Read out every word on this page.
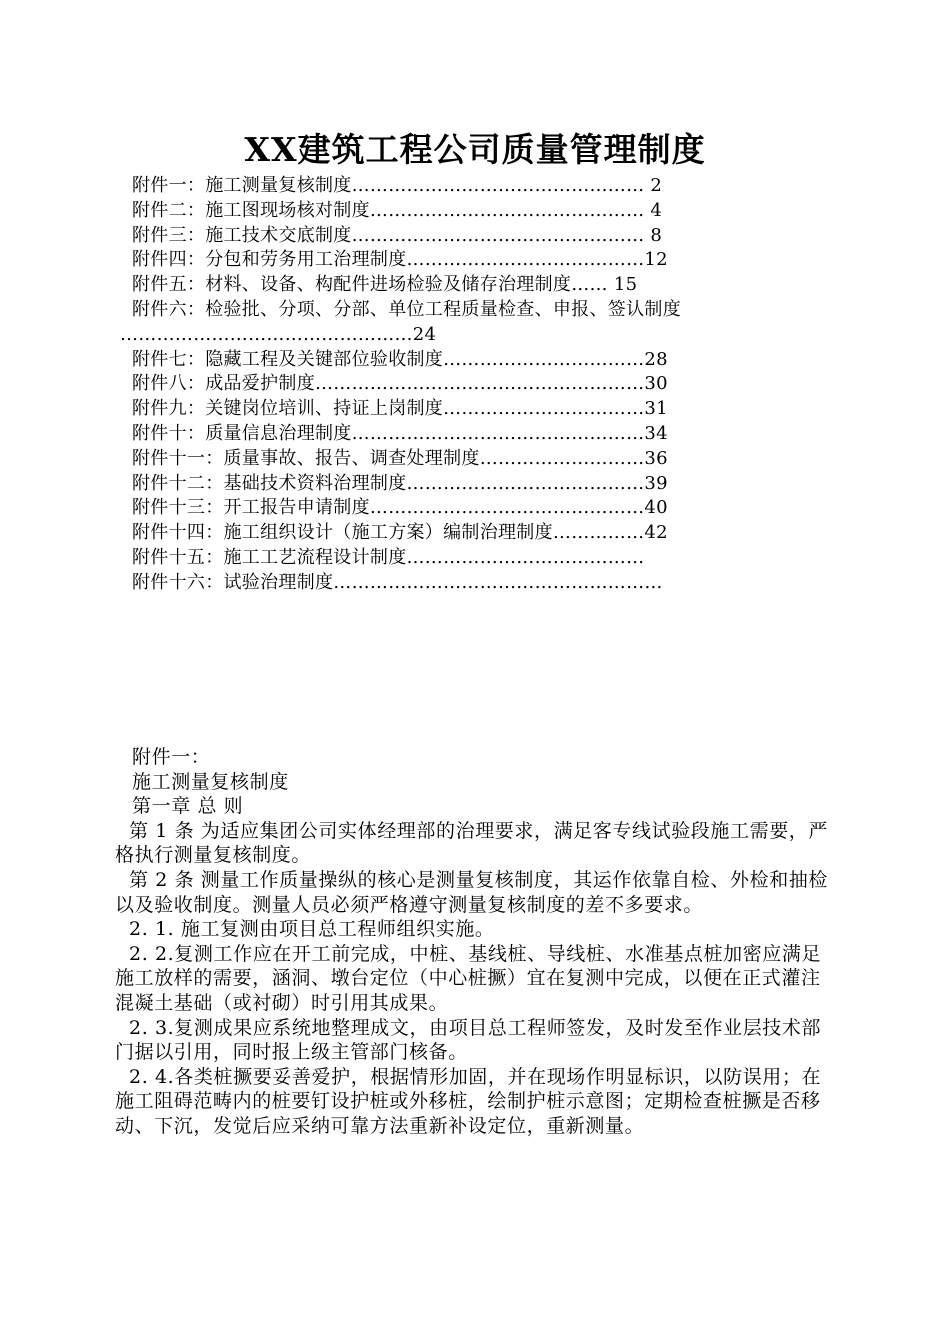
XX建筑工程公司质量管理制度
附件一：施工测量复核制度………………………………………… 2
附件二：施工图现场核对制度……………………………………… 4
附件三：施工技术交底制度………………………………………… 8
附件四：分包和劳务用工治理制度…………………………………12
附件五：材料、设备、构配件进场检验及储存治理制度…… 15
附件六：检验批、分项、分部、单位工程质量检查、申报、签认制度
…………………………………………24
附件七：隐藏工程及关键部位验收制度……………………………28
附件八：成品爱护制度………………………………………………30
附件九：关键岗位培训、持证上岗制度……………………………31
附件十：质量信息治理制度…………………………………………34
附件十一：质量事故、报告、调查处理制度………………………36
附件十二：基础技术资料治理制度…………………………………39
附件十三：开工报告申请制度………………………………………40
附件十四：施工组织设计（施工方案）编制治理制度……………42
附件十五：施工工艺流程设计制度…………………………………
附件十六：试验治理制度………………………………………………
附件一：
施工测量复核制度
第一章 总 则
第 1 条 为适应集团公司实体经理部的治理要求，满足客专线试验段施工需要，严格执行测量复核制度。
第 2 条 测量工作质量操纵的核心是测量复核制度，其运作依靠自检、外检和抽检以及验收制度。测量人员必须严格遵守测量复核制度的差不多要求。
2. 1. 施工复测由项目总工程师组织实施。
2. 2.复测工作应在开工前完成，中桩、基线桩、导线桩、水准基点桩加密应满足施工放样的需要，涵洞、墩台定位（中心桩撅）宜在复测中完成，以便在正式灌注混凝土基础（或衬砌）时引用其成果。
2. 3.复测成果应系统地整理成文，由项目总工程师签发，及时发至作业层技术部门据以引用，同时报上级主管部门核备。
2. 4.各类桩撅要妥善爱护，根据情形加固，并在现场作明显标识，以防误用；在施工阻碍范畴内的桩要钉设护桩或外移桩，绘制护桩示意图；定期检查桩撅是否移动、下沉，发觉后应采纳可靠方法重新补设定位，重新测量。
